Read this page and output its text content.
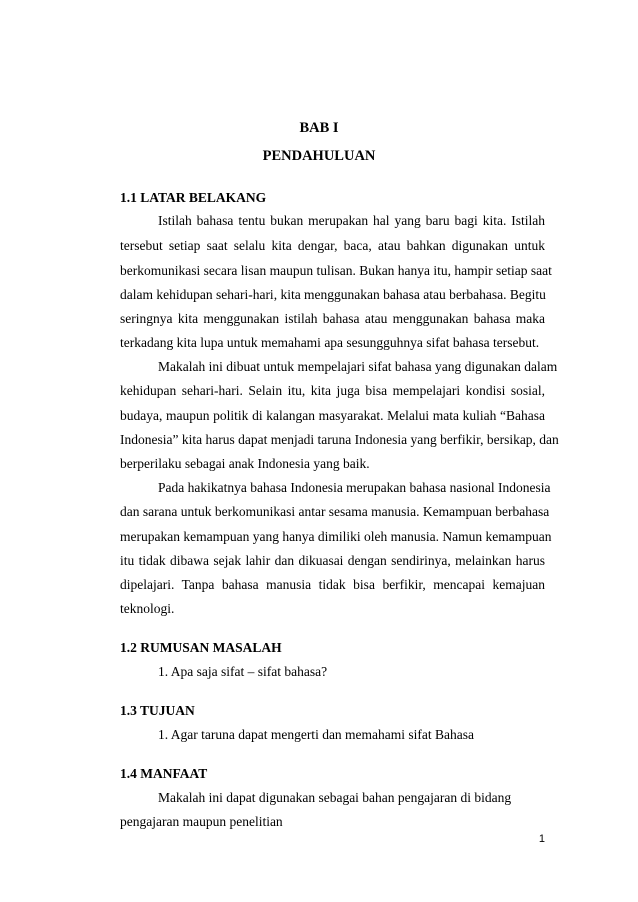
BAB I
PENDAHULUAN
1.1 LATAR BELAKANG
Istilah bahasa tentu bukan merupakan hal yang baru bagi kita. Istilah
tersebut setiap saat selalu kita dengar, baca, atau bahkan digunakan untuk
berkomunikasi secara lisan maupun tulisan. Bukan hanya itu, hampir setiap saat
dalam kehidupan sehari-hari, kita menggunakan bahasa atau berbahasa. Begitu
seringnya kita menggunakan istilah bahasa atau menggunakan bahasa maka
terkadang kita lupa untuk memahami apa sesungguhnya sifat bahasa tersebut.
Makalah ini dibuat untuk mempelajari sifat bahasa yang digunakan dalam
kehidupan sehari-hari. Selain itu, kita juga bisa mempelajari kondisi sosial,
budaya, maupun politik di kalangan masyarakat. Melalui mata kuliah “Bahasa
Indonesia” kita harus dapat menjadi taruna Indonesia yang berfikir, bersikap, dan
berperilaku sebagai anak Indonesia yang baik.
Pada hakikatnya bahasa Indonesia merupakan bahasa nasional Indonesia
dan sarana untuk berkomunikasi antar sesama manusia. Kemampuan berbahasa
merupakan kemampuan yang hanya dimiliki oleh manusia. Namun kemampuan
itu tidak dibawa sejak lahir dan dikuasai dengan sendirinya, melainkan harus
dipelajari. Tanpa bahasa manusia tidak bisa berfikir, mencapai kemajuan
teknologi.
1.2 RUMUSAN MASALAH
1. Apa saja sifat – sifat bahasa?
1.3 TUJUAN
1. Agar taruna dapat mengerti dan memahami sifat Bahasa
1.4 MANFAAT
Makalah ini dapat digunakan sebagai bahan pengajaran di bidang
pengajaran maupun penelitian
1
